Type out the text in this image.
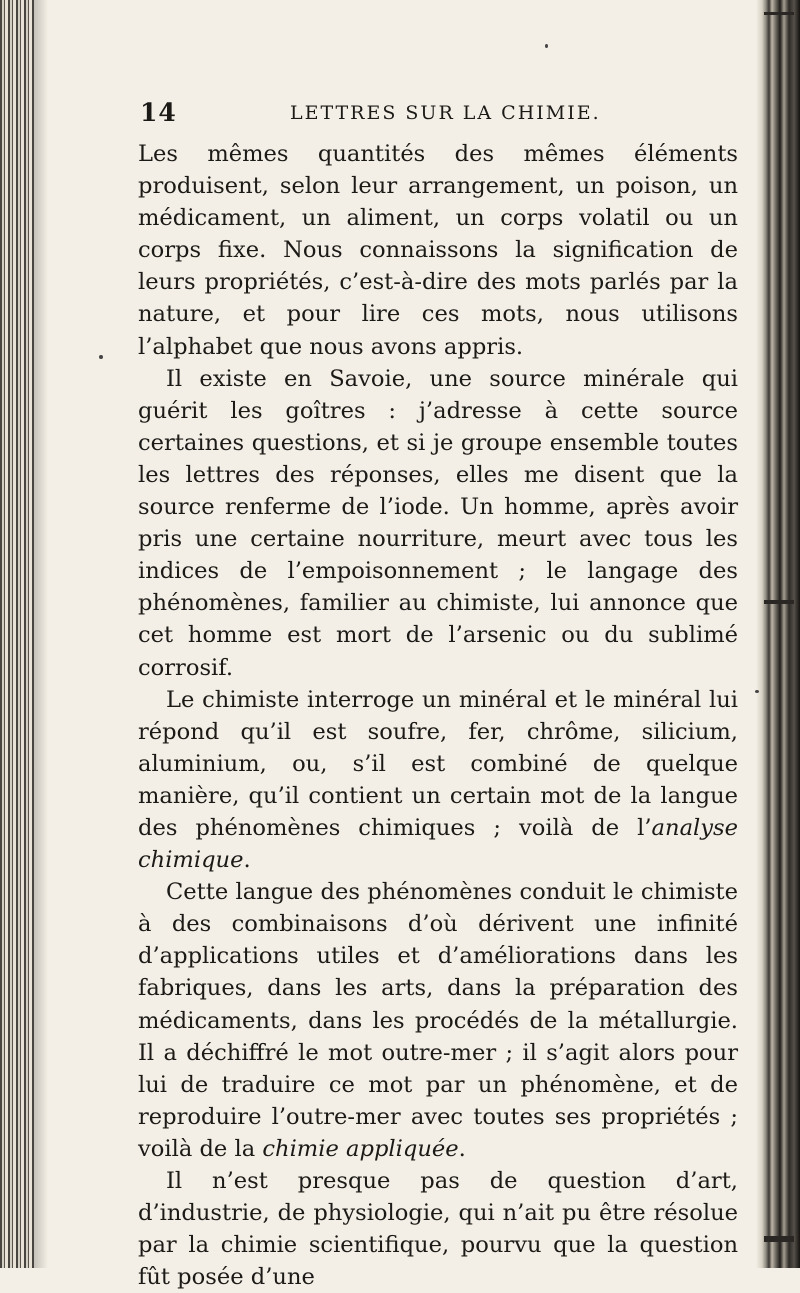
14	LETTRES SUR LA CHIMIE.

Les mêmes quantités des mêmes éléments produisent, selon leur arrangement, un poison, un médicament, un aliment, un corps volatil ou un corps fixe. Nous connaissons la signification de leurs propriétés, c’est-à-dire des mots parlés par la nature, et pour lire ces mots, nous utilisons l’alphabet que nous avons appris.

Il existe en Savoie, une source minérale qui guérit les goîtres : j’adresse à cette source certaines questions, et si je groupe ensemble toutes les lettres des réponses, elles me disent que la source renferme de l’iode. Un homme, après avoir pris une certaine nourriture, meurt avec tous les indices de l’empoisonnement ; le langage des phénomènes, familier au chimiste, lui annonce que cet homme est mort de l’arsenic ou du sublimé corrosif.

Le chimiste interroge un minéral et le minéral lui répond qu’il est soufre, fer, chrôme, silicium, aluminium, ou, s’il est combiné de quelque manière, qu’il contient un certain mot de la langue des phénomènes chimiques ; voilà de l’analyse chimique.

Cette langue des phénomènes conduit le chimiste à des combinaisons d’où dérivent une infinité d’applications utiles et d’améliorations dans les fabriques, dans les arts, dans la préparation des médicaments, dans les procédés de la métallurgie. Il a déchiffré le mot outre-mer ; il s’agit alors pour lui de traduire ce mot par un phénomène, et de reproduire l’outre-mer avec toutes ses propriétés ; voilà de la chimie appliquée.

Il n’est presque pas de question d’art, d’industrie, de physiologie, qui n’ait pu être résolue par la chimie scientifique, pourvu que la question fût posée d’une
